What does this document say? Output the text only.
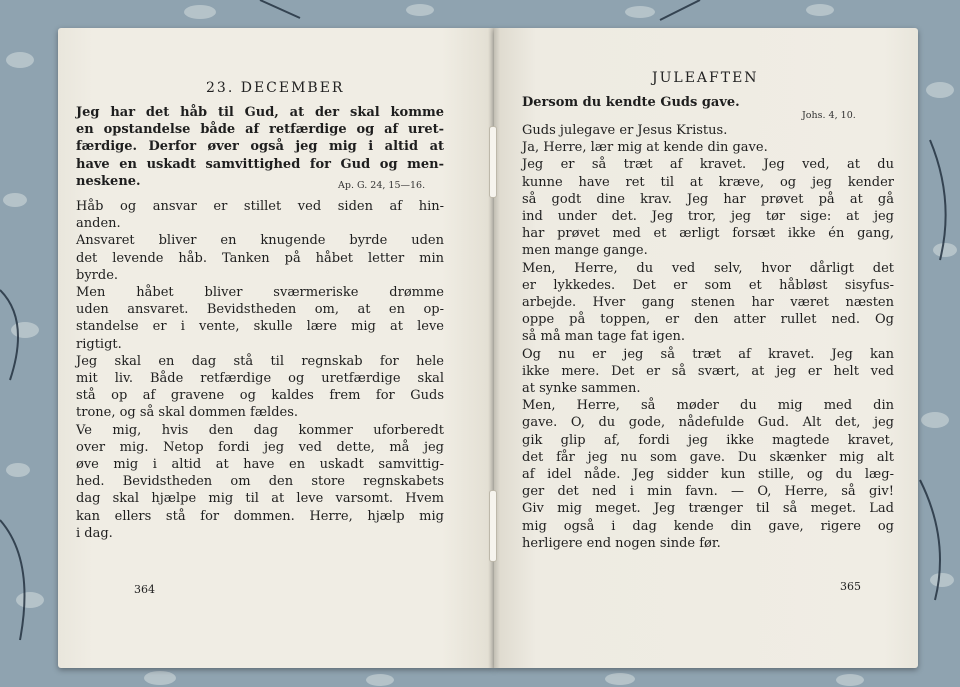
23. DECEMBER
Jeg har det håb til Gud, at der skal komme
en opstandelse både af retfærdige og af uret-
færdige. Derfor øver også jeg mig i altid at
have en uskadt samvittighed for Gud og men-
neskene.	Ap. G. 24, 15—16.
Håb og ansvar er stillet ved siden af hin-
anden.
Ansvaret bliver en knugende byrde uden
det levende håb. Tanken på håbet letter min
byrde.
Men håbet bliver sværmeriske drømme
uden ansvaret. Bevidstheden om, at en op-
standelse er i vente, skulle lære mig at leve
rigtigt.
Jeg skal en dag stå til regnskab for hele
mit liv. Både retfærdige og uretfærdige skal
stå op af gravene og kaldes frem for Guds
trone, og så skal dommen fældes.
Ve mig, hvis den dag kommer uforberedt
over mig. Netop fordi jeg ved dette, må jeg
øve mig i altid at have en uskadt samvittig-
hed. Bevidstheden om den store regnskabets
dag skal hjælpe mig til at leve varsomt. Hvem
kan ellers stå for dommen. Herre, hjælp mig
i dag.
364
JULEAFTEN
Dersom du kendte Guds gave.
Johs. 4, 10.
Guds julegave er Jesus Kristus.
Ja, Herre, lær mig at kende din gave.
Jeg er så træt af kravet. Jeg ved, at du
kunne have ret til at kræve, og jeg kender
så godt dine krav. Jeg har prøvet på at gå
ind under det. Jeg tror, jeg tør sige: at jeg
har prøvet med et ærligt forsæt ikke én gang,
men mange gange.
Men, Herre, du ved selv, hvor dårligt det
er lykkedes. Det er som et håbløst sisyfus-
arbejde. Hver gang stenen har været næsten
oppe på toppen, er den atter rullet ned. Og
så må man tage fat igen.
Og nu er jeg så træt af kravet. Jeg kan
ikke mere. Det er så svært, at jeg er helt ved
at synke sammen.
Men, Herre, så møder du mig med din
gave. O, du gode, nådefulde Gud. Alt det, jeg
gik glip af, fordi jeg ikke magtede kravet,
det får jeg nu som gave. Du skænker mig alt
af idel nåde. Jeg sidder kun stille, og du læg-
ger det ned i min favn. — O, Herre, så giv!
Giv mig meget. Jeg trænger til så meget. Lad
mig også i dag kende din gave, rigere og
herligere end nogen sinde før.
365
